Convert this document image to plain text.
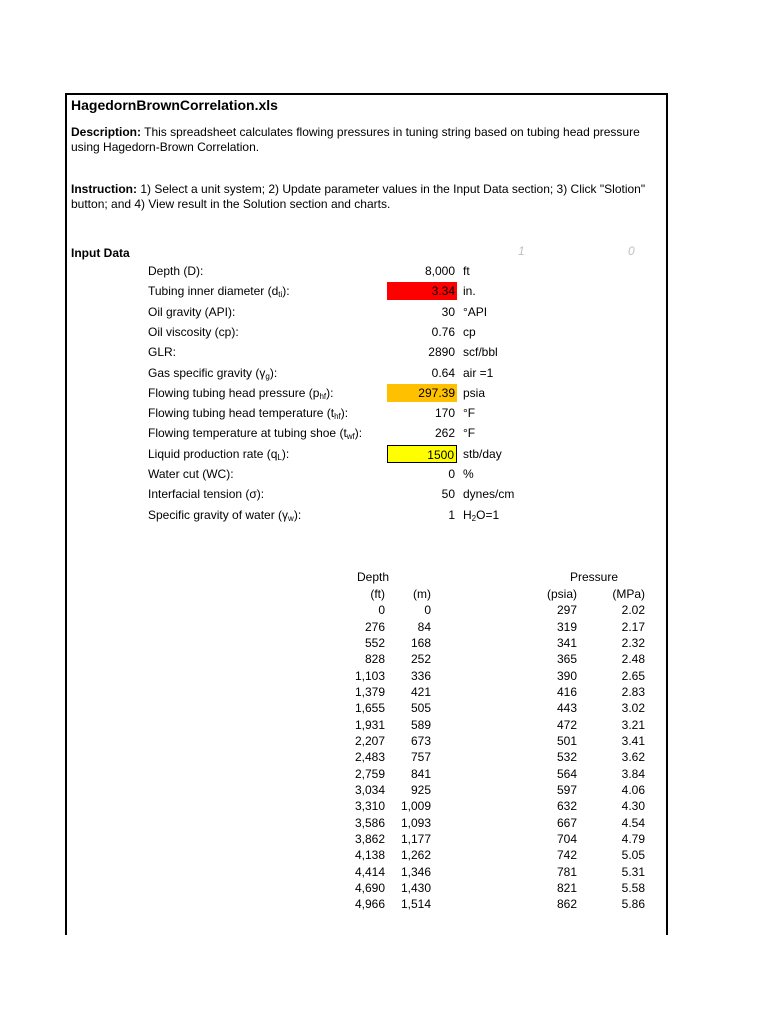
HagedornBrownCorrelation.xls
Description: This spreadsheet calculates flowing pressures in tuning string based on tubing head pressure using Hagedorn-Brown Correlation.
Instruction: 1) Select a unit system; 2) Update parameter values in the Input Data section; 3) Click "Slotion" button; and 4) View result in the Solution section and charts.
Input Data	1	0
Depth (D):	8,000 ft
Tubing inner diameter $(d_{ti})$:	3.34 in.
Oil gravity (API):	30 °API
Oil viscosity (cp):	0.76 cp
GLR:	2890 scf/bbl
Gas specific gravity $(\gamma_g)$:	0.64 air =1
Flowing tubing head pressure $(p_{hf})$:	297.39 psia
Flowing tubing head temperature $(t_{hf})$:	170 °F
Flowing temperature at tubing shoe $(t_{wf})$:	262 °F
Liquid production rate $(q_L)$:	1500 stb/day
Water cut (WC):	0 %
Interfacial tension (σ):	50 dynes/cm
Specific gravity of water $(\gamma_w)$:	1 $H_2O=1$
Depth	Pressure
(ft)	(m)	(psia)	(MPa)
0	0	297	2.02
276	84	319	2.17
552	168	341	2.32
828	252	365	2.48
1,103	336	390	2.65
1,379	421	416	2.83
1,655	505	443	3.02
1,931	589	472	3.21
2,207	673	501	3.41
2,483	757	532	3.62
2,759	841	564	3.84
3,034	925	597	4.06
3,310	1,009	632	4.30
3,586	1,093	667	4.54
3,862	1,177	704	4.79
4,138	1,262	742	5.05
4,414	1,346	781	5.31
4,690	1,430	821	5.58
4,966	1,514	862	5.86
